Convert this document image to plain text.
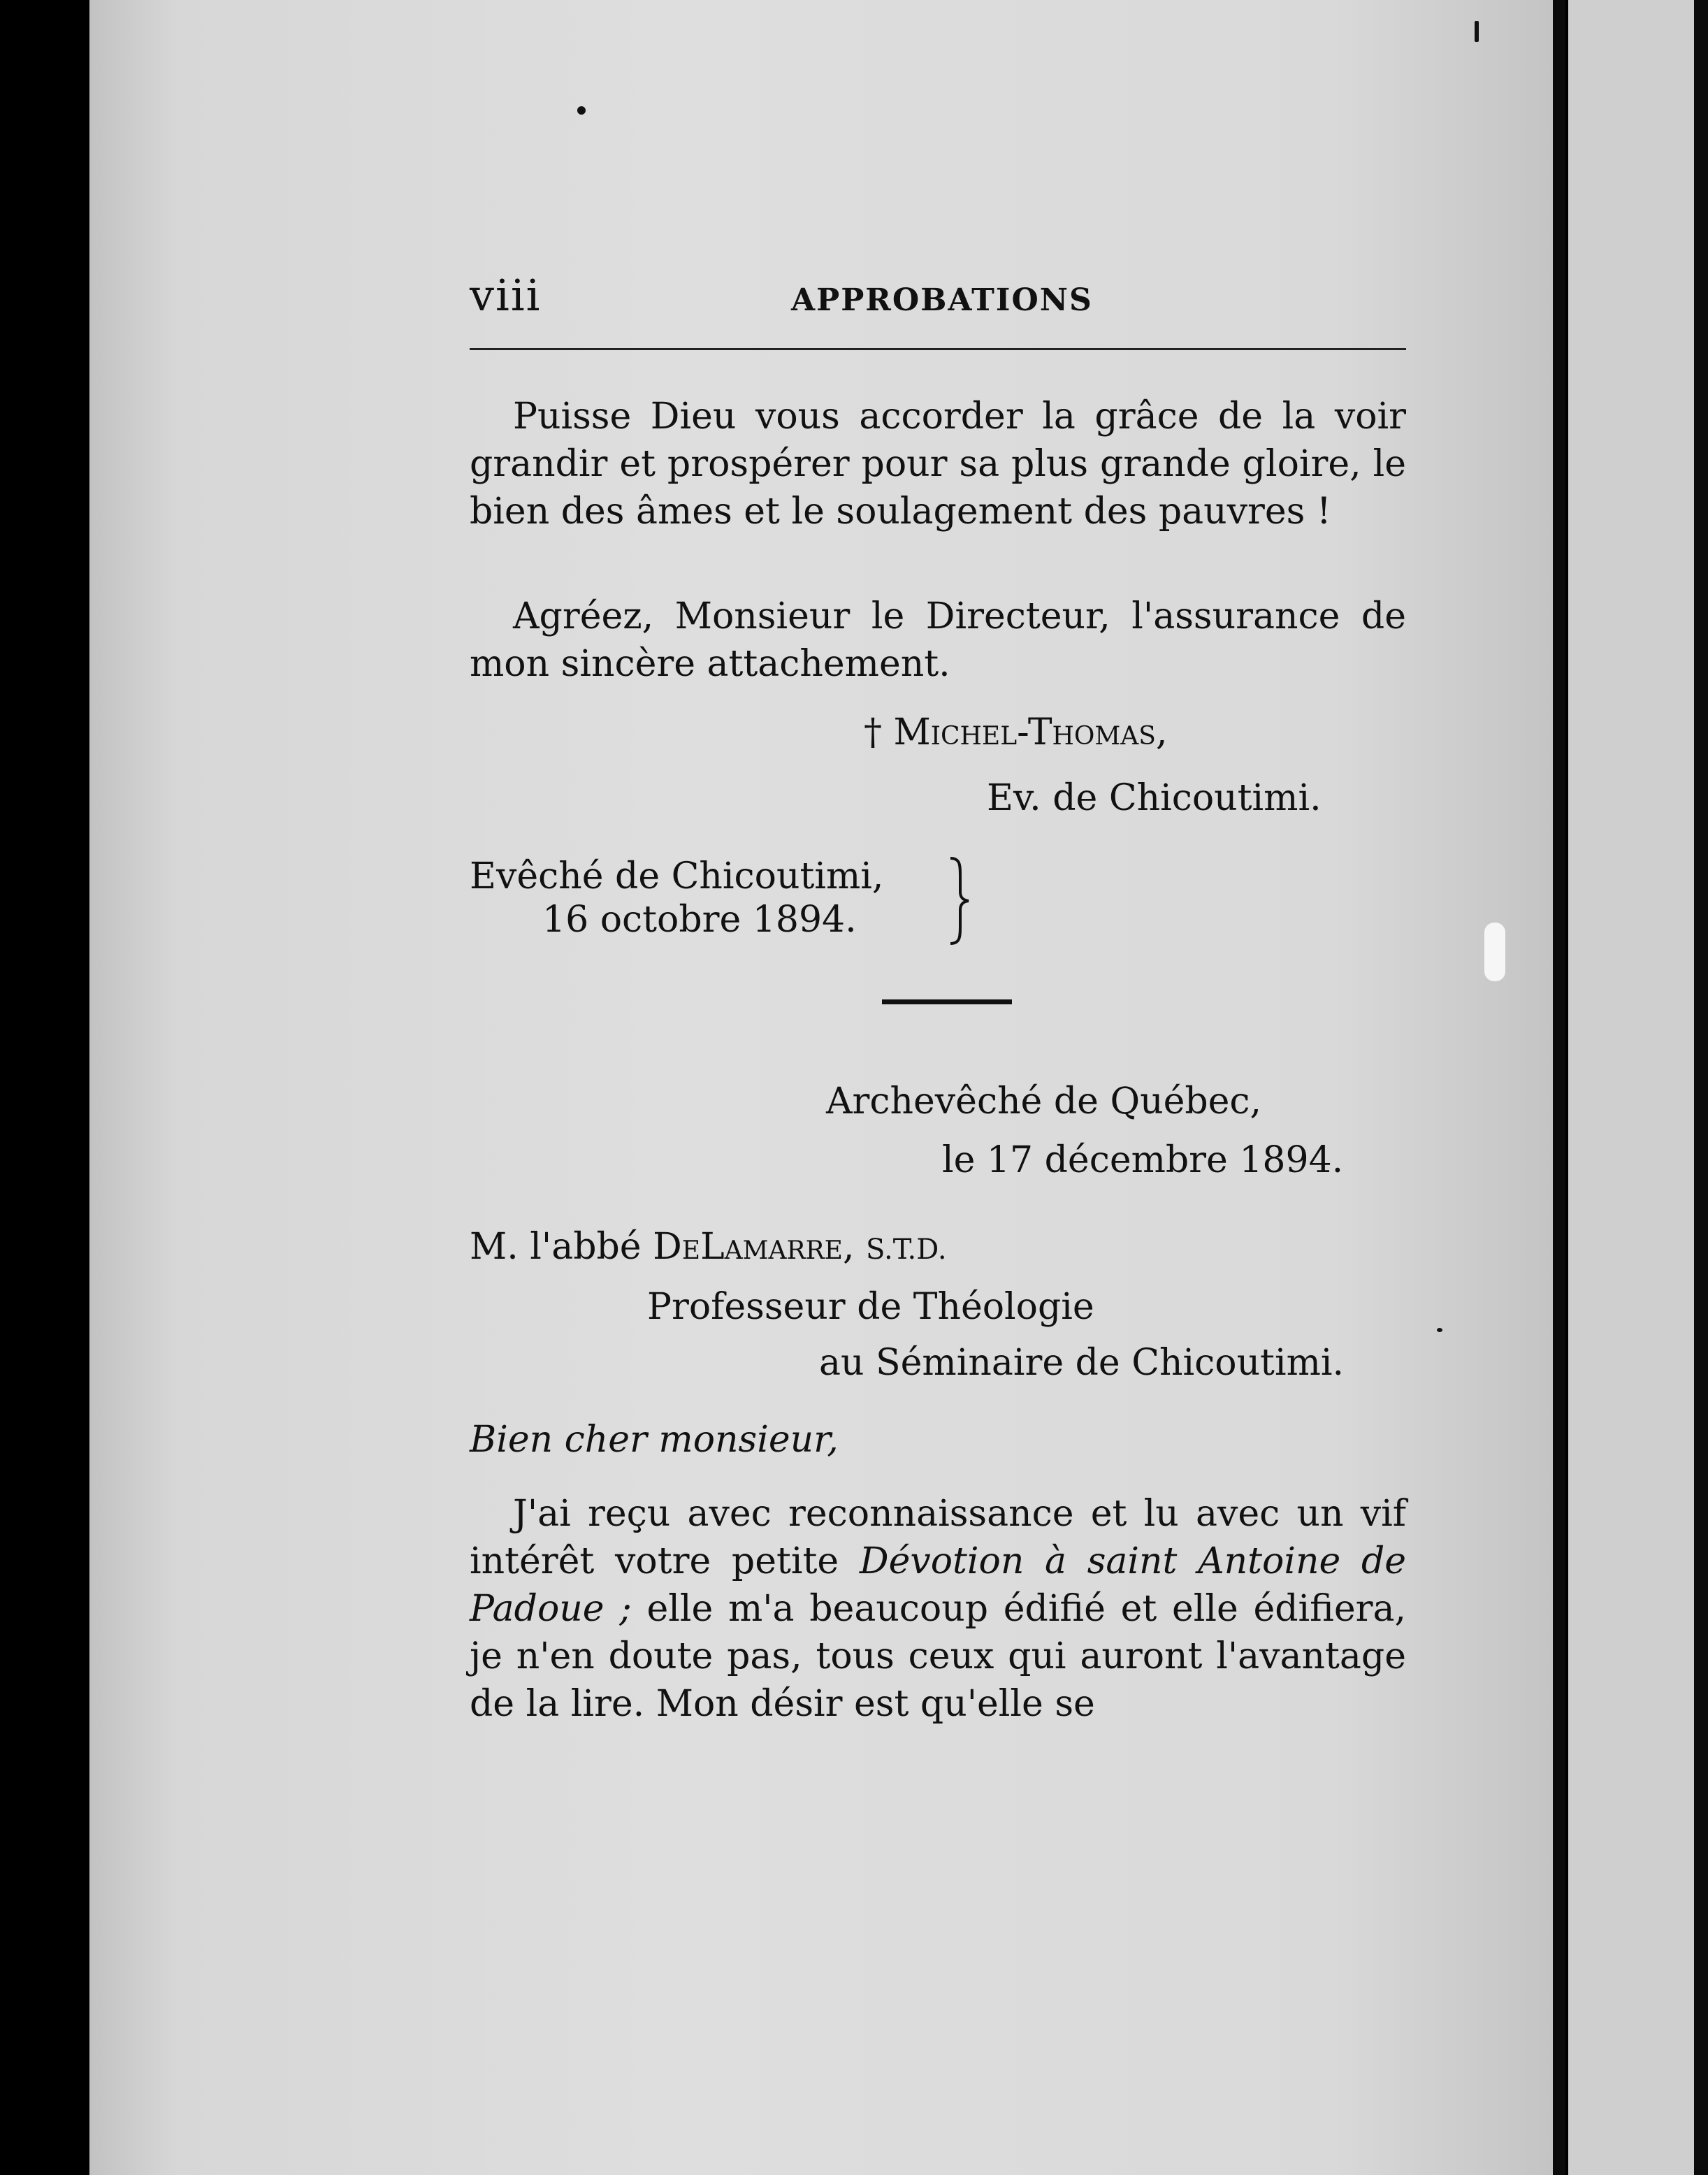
viii	APPROBATIONS

Puisse Dieu vous accorder la grâce de la voir grandir et prospérer pour sa plus grande gloire, le bien des âmes et le soulagement des pauvres !

Agréez, Monsieur le Directeur, l'assurance de mon sincère attachement.

† Michel-Thomas,
Ev. de Chicoutimi.
Evêché de Chicoutimi,
16 octobre 1894.
Archevêché de Québec,
le 17 décembre 1894.
M. l'abbé DeLamarre, S.T.D.
Professeur de Théologie
au Séminaire de Chicoutimi.
Bien cher monsieur,

J'ai reçu avec reconnaissance et lu avec un vif intérêt votre petite Dévotion à saint Antoine de Padoue ; elle m'a beaucoup édifié et elle édifiera, je n'en doute pas, tous ceux qui auront l'avantage de la lire. Mon désir est qu'elle se
